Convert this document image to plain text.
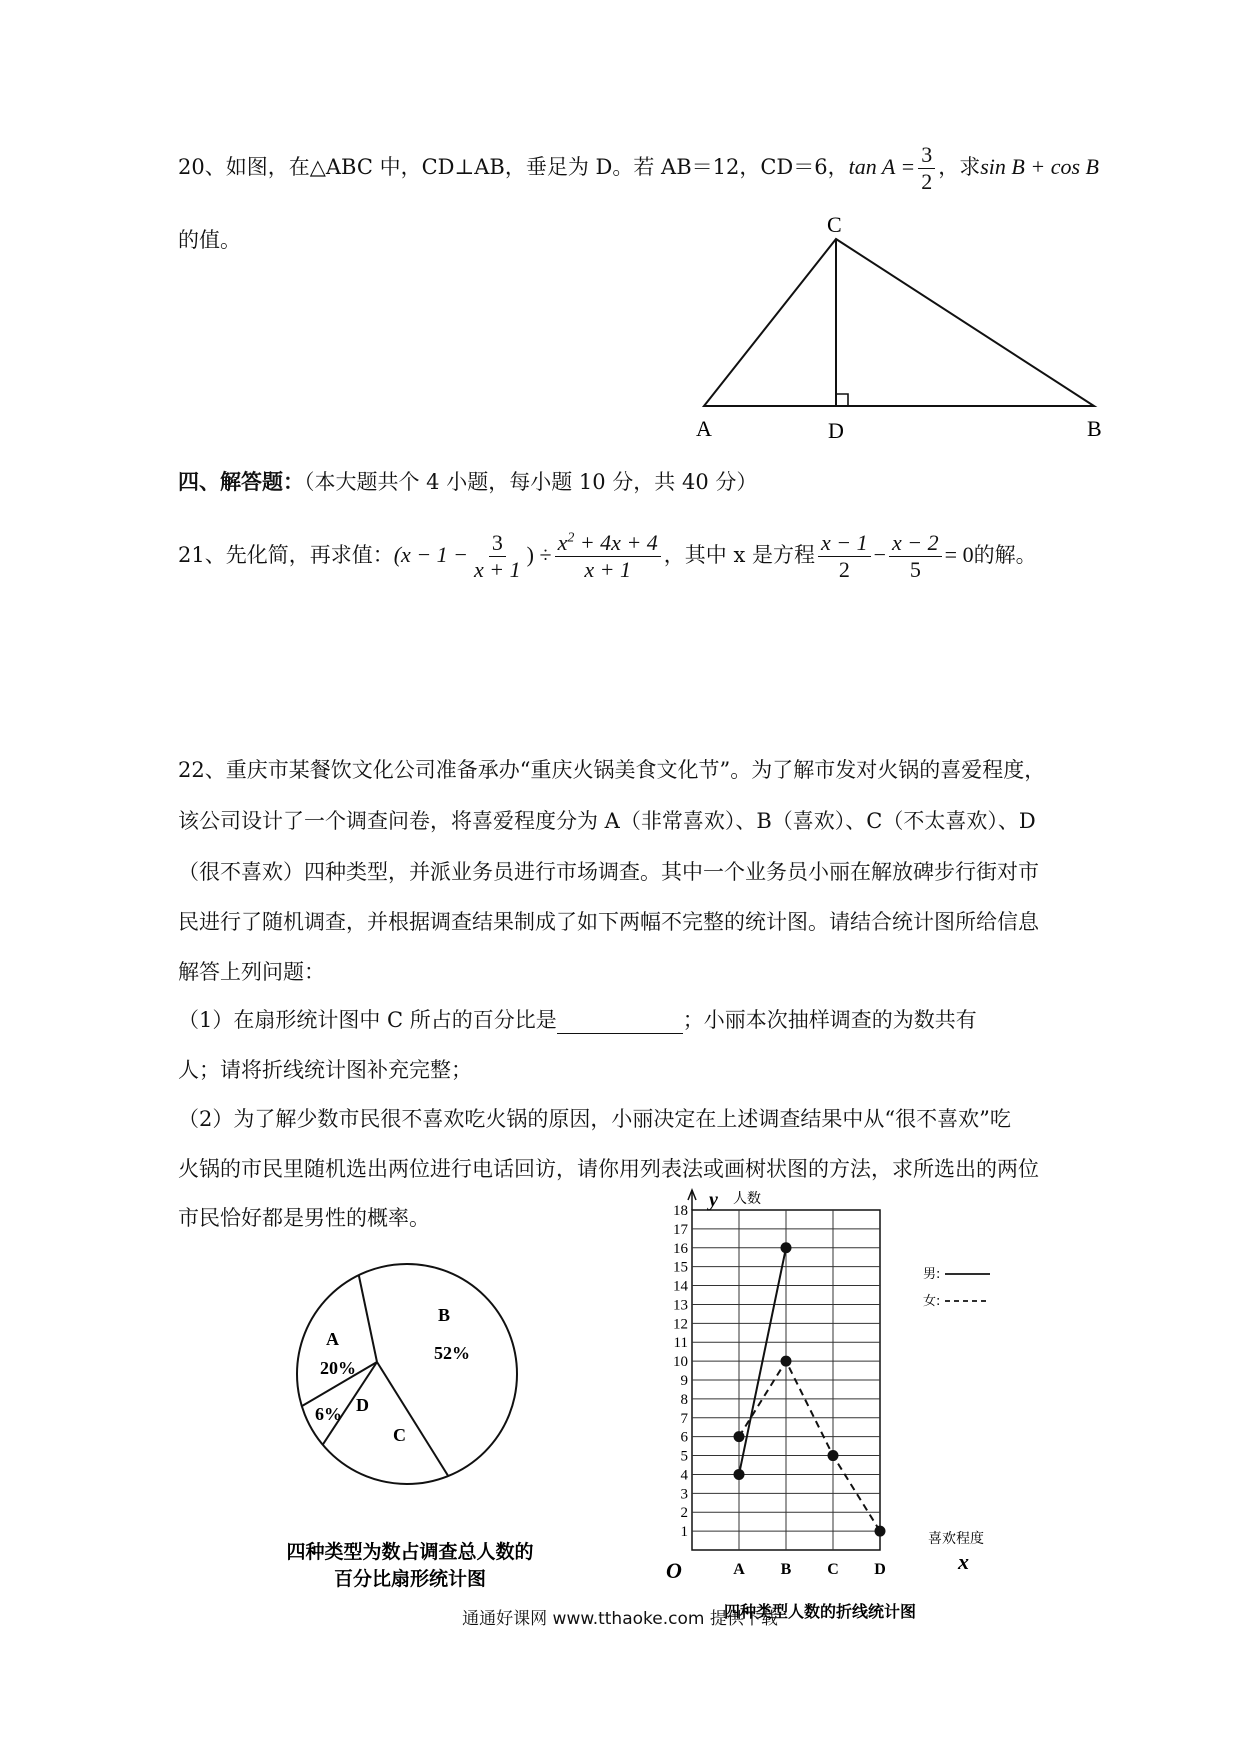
20、如图，在△ABC 中，CD⊥AB，垂足为 D。若 AB＝12，CD＝6，$\tan A = \frac{3}{2}$ ，求sin B + cos B
的值。
C
A	D	B
四、解答题：（本大题共个 4 小题，每小题 10 分，共 40 分）
21、先化简，再求值：($x - 1 - \frac{3}{x + 1}$ ) ÷ $\frac{x^2 + 4x + 4}{x + 1}$ ，其中 x 是方程 $\frac{x - 1}{2} - \frac{x - 2}{5} = 0$的解。
22、重庆市某餐饮文化公司准备承办“重庆火锅美食文化节”。为了解市发对火锅的喜爱程度，
该公司设计了一个调查问卷，将喜爱程度分为 A（非常喜欢）、B（喜欢）、C（不太喜欢）、D
（很不喜欢）四种类型，并派业务员进行市场调查。其中一个业务员小丽在解放碑步行街对市
民进行了随机调查，并根据调查结果制成了如下两幅不完整的统计图。请结合统计图所给信息
解答上列问题：
（1）在扇形统计图中 C 所占的百分比是	；小丽本次抽样调查的为数共有
人；请将折线统计图补充完整；
（2）为了解少数市民很不喜欢吃火锅的原因，小丽决定在上述调查结果中从“很不喜欢”吃
火锅的市民里随机选出两位进行电话回访，请你用列表法或画树状图的方法，求所选出的两位
市民恰好都是男性的概率。
A
20%
B
52%
C
D
6%
四种类型为数占调查总人数的
百分比扇形统计图
1
2
3
4
5
6
7
8
9
10
11
12
13
14
15
16
17
18
A B C D
y 人数
O
喜欢程度
x
男:
女:
四种类型人数的折线统计图
通通好课网 www.tthaoke.com 提供下载
